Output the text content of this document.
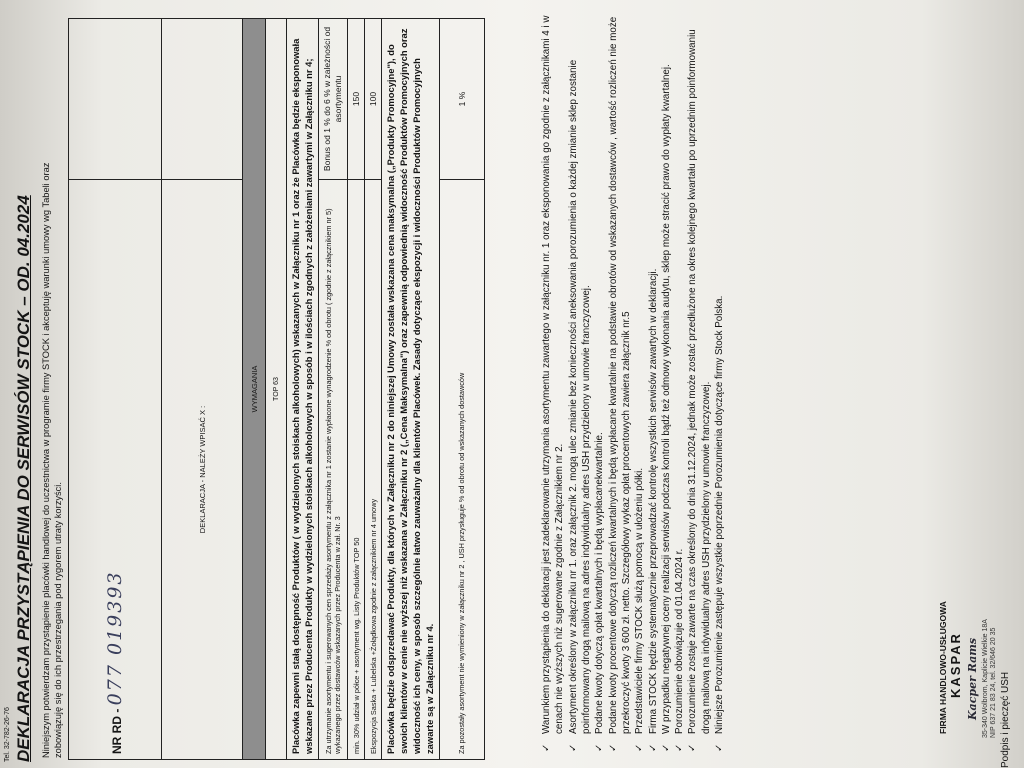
Tel. 32-782-26-76 DEKLARACJA PRZYSTĄPIENIA DO SERWISÓW STOCK – OD. 04.2024 Niniejszym potwierdzam przystąpienie placówki handlowej do uczestnictwa w programie firmy STOCK i akceptuję warunki umowy wg Tabeli oraz zobowiązuję się do ich przestrzegania pod rygorem utraty korzyści.	NR RD - 077 019393	
DEKLARACJA - NALEŻY WPISAĆ X :	
WYMAGANIA	
TOP 63	
Placówka zapewni stałą dostępność Produktów ( w wydzielonych stoiskach alkoholowych) wskazanych w Załączniku nr 1 oraz że Placówka będzie eksponowała wskazane przez Producenta Produkty w wydzielonych stoiskach alkoholowych w sposób i w ilościach zgodnych z założeniami zawartymi w Załączniku nr 4;	
Za utrzymanie asortymentu i sugerowanych cen sprzedaży asortymentu z załącznika nr 1 zostanie wypłacone wynagrodzenie % od obrotu ( zgodnie z załącznikiem nr 5) wykazanego przez dostawców wskazanych przez Producenta w zał. Nr. 3	Bonus od 1 % do 6 % w zależności od asortymentu
min. 30% udział w półce + asortyment wg. Listy Produktów TOP 50	150
Ekspozycja Saska + Lubelska +Żołądkowa zgodnie z załącznikiem nr 4 umowy	100
Placówka będzie odsprzedawać Produkty, dla których w Załączniku nr 2 do niniejszej Umowy została wskazana cena maksymalna („Produkty Promocyjne"), do swoich klientów w cenie nie wyższej niż wskazana w Załączniku nr 2 („Cena Maksymalna") oraz zapewnią odpowiednią widoczność Produktów Promocyjnych oraz widoczność ich ceny, w sposób szczególnie łatwo zauważalny dla klientów Placówek. Zasady dotyczące ekspozycji i widoczności Produktów Promocyjnych zawarte są w Załączniku nr 4.	
Za pozostały asortyment nie wymieniony w załączniku nr 2 , USH przysługuje % od obrotu od wskazanych dostawców	1 %
✓
Warunkiem przystąpienia do deklaracji jest zadeklarowanie utrzymania asortymentu zawartego w załączniku nr. 1 oraz eksponowania go zgodnie z załącznikami 4 i w cenach nie wyższych niż sugerowane zgodnie z Załącznikiem nr 2.
✓
Asortyment określony w załączniku nr 1. oraz załącznik 2. mogą ulec zmianie bez konieczności aneksowania porozumienia o każdej zmianie sklep zostanie poinformowany drogą mailową na adres indywidualny adres USH przydzielony w umowie franczyzowej.
✓
Podane kwoty dotyczą opłat kwartalnych i będą wypłacanekwartalnie.
✓
Podane kwoty procentowe dotyczą rozliczeń kwartalnych i będą wypłacane kwartalnie na podstawie obrotów od wskazanych dostawców , wartość rozliczeń nie może przekroczyć kwoty 3 600 zł. netto. Szczegółowy wykaz opłat procentowych zawiera załącznik nr.5
✓
Przedstawiciele firmy STOCK służą pomocą w ułożeniu półki.
✓
Firma STOCK będzie systematycznie przeprowadzać kontrolę wszystkich serwisów zawartych w deklaracji.
✓
W przypadku negatywnej oceny realizacji serwisów podczas kontroli bądź też odmowy wykonania audytu, sklep może stracić prawo do wypłaty kwartalnej.
✓
Porozumienie obowiązuje od 01.04.2024 r.
✓
Porozumienie zostaje zawarte na czas określony do dnia 31.12.2024, jednak może zostać przedłużone na okres kolejnego kwartału po uprzednim poinformowaniu drogą mailową na indywidualny adres USH przydzielony w umowie franczyzowej.
✓
Niniejsze Porozumienie zastępuje wszystkie poprzednie Porozumienia dotyczące firmy Stock Polska.	FIRMA HANDLOWO-USŁUGOWA KASPAR Kacper Rams 35-340 Wolbrom, Kaplicie Wielkie 18A NIP 637 21 83 24, tel. 32/646 20 35 Podpis i pieczęć USH
